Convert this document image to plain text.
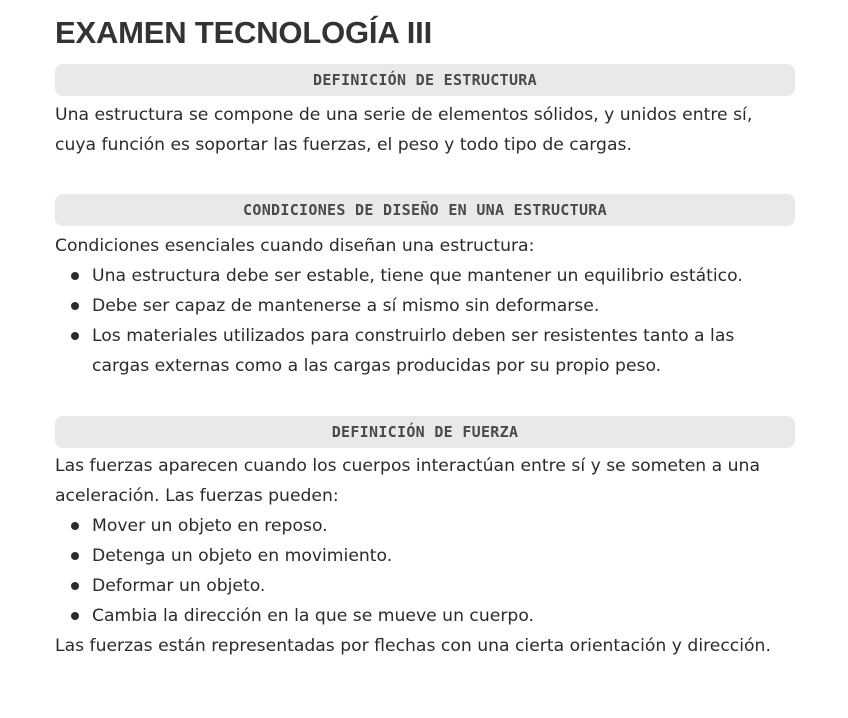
EXAMEN TECNOLOGÍA III
DEFINICIÓN DE ESTRUCTURA

Una estructura se compone de una serie de elementos sólidos, y unidos entre sí, cuya función es soportar las fuerzas, el peso y todo tipo de cargas.

CONDICIONES DE DISEÑO EN UNA ESTRUCTURA

Condiciones esenciales cuando diseñan una estructura:

Una estructura debe ser estable, tiene que mantener un equilibrio estático.
Debe ser capaz de mantenerse a sí mismo sin deformarse.
Los materiales utilizados para construirlo deben ser resistentes tanto a las cargas externas como a las cargas producidas por su propio peso.
DEFINICIÓN DE FUERZA

Las fuerzas aparecen cuando los cuerpos interactúan entre sí y se someten a una aceleración. Las fuerzas pueden:

Mover un objeto en reposo.
Detenga un objeto en movimiento.
Deformar un objeto.
Cambia la dirección en la que se mueve un cuerpo.

Las fuerzas están representadas por flechas con una cierta orientación y dirección.
